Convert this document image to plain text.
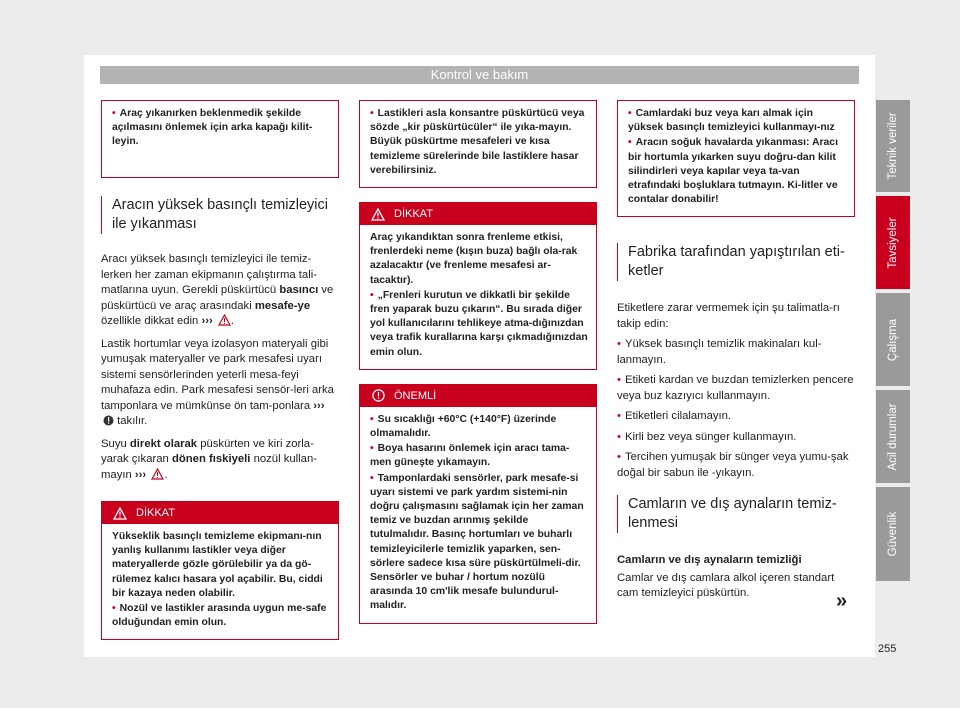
Kontrol ve bakım

• Araç yıkanırken beklenmedik şekilde açılmasını önlemek için arka kapağı kilit-leyin.

Aracın yüksek basınçlı temizleyici ile yıkanması

Aracı yüksek basınçlı temizleyici ile temiz-lerken her zaman ekipmanın çalıştırma tali-matlarına uyun. Gerekli püskürtücü basıncı ve püskürtücü ve araç arasındaki mesafe-ye özellikle dikkat edin ››› .

Lastik hortumlar veya izolasyon materyali gibi yumuşak materyaller ve park mesafesi uyarı sistemi sensörlerinden yeterli mesa-feyi muhafaza edin. Park mesafesi sensör-leri arka tamponlara ve mümkünse ön tam-ponlara ›››  takılır.

Suyu direkt olarak püskürten ve kiri zorla-yarak çıkaran dönen fıskiyeli nozül kullan-mayın ››› .

DİKKAT

Yükseklik basınçlı temizleme ekipmanı-nın yanlış kullanımı lastikler veya diğer materyallerde gözle görülebilir ya da gö-rülemez kalıcı hasara yol açabilir. Bu, ciddi bir kazaya neden olabilir.

• Nozül ve lastikler arasında uygun me-safe olduğundan emin olun.

• Lastikleri asla konsantre püskürtücü veya sözde „kir püskürtücüler“ ile yıka-mayın. Büyük püskürtme mesafeleri ve kısa temizleme sürelerinde bile lastiklere hasar verebilirsiniz.

DİKKAT

Araç yıkandıktan sonra frenleme etkisi, frenlerdeki neme (kışın buza) bağlı ola-rak azalacaktır (ve frenleme mesafesi ar-tacaktır).

• „Frenleri kurutun ve dikkatli bir şekilde fren yaparak buzu çıkarın“. Bu sırada diğer yol kullanıcılarını tehlikeye atma-dığınızdan veya trafik kurallarına karşı çıkmadığınızdan emin olun.

ÖNEMLİ

• Su sıcaklığı +60°C (+140°F) üzerinde olmamalıdır.

• Boya hasarını önlemek için aracı tama-men güneşte yıkamayın.

• Tamponlardaki sensörler, park mesafe-si uyarı sistemi ve park yardım sistemi-nin doğru çalışmasını sağlamak için her zaman temiz ve buzdan arınmış şekilde tutulmalıdır. Basınç hortumları ve buharlı temizleyicilerle temizlik yaparken, sen-sörlere sadece kısa süre püskürtülmeli-dir. Sensörler ve buhar / hortum nozülü arasında 10 cm'lik mesafe bulundurul-malıdır.

• Camlardaki buz veya karı almak için yüksek basınçlı temizleyici kullanmayı-nız

• Aracın soğuk havalarda yıkanması: Aracı bir hortumla yıkarken suyu doğru-dan kilit silindirleri veya kapılar veya ta-van etrafındaki boşluklara tutmayın. Ki-litler ve contalar donabilir!

Fabrika tarafından yapıştırılan eti-ketler

Etiketlere zarar vermemek için şu talimatla-rı takip edin:

• Yüksek basınçlı temizlik makinaları kul-lanmayın.

• Etiketi kardan ve buzdan temizlerken pencere veya buz kazıyıcı kullanmayın.

• Etiketleri cilalamayın.

• Kirli bez veya sünger kullanmayın.

• Tercihen yumuşak bir sünger veya yumu-şak doğal bir sabun ile -yıkayın.

Camların ve dış aynaların temiz-lenmesi

Camların ve dış aynaların temizliği

Camlar ve dış camlara alkol içeren standart cam temizleyici püskürtün.

Teknik veriler
Tavsiyeler
Çalışma
Acil durumlar
Güvenlik
»
255
